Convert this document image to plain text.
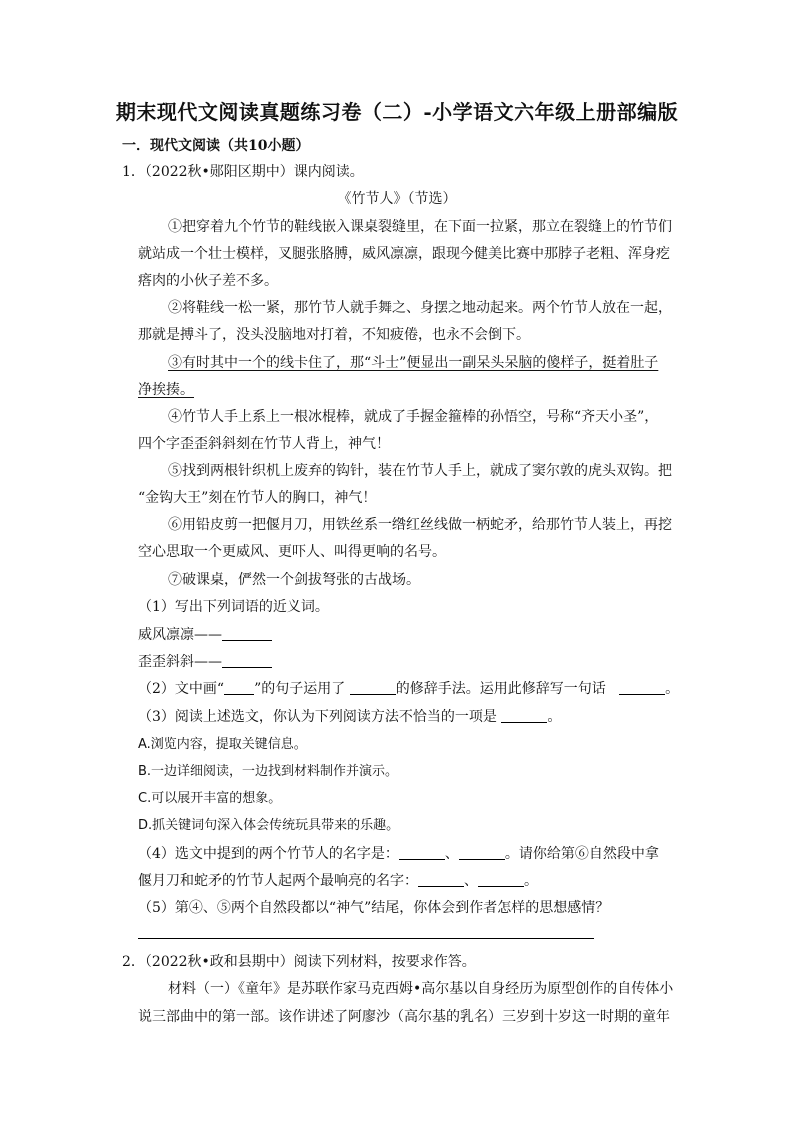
期末现代文阅读真题练习卷（二）-小学语文六年级上册部编版
一．现代文阅读（共10小题）
1．（2022秋•郧阳区期中）课内阅读。
《竹节人》（节选）
①把穿着九个竹节的鞋线嵌入课桌裂缝里，在下面一拉紧，那立在裂缝上的竹节们
就站成一个壮士模样，叉腿张胳膊，威风凛凛，跟现今健美比赛中那脖子老粗、浑身疙
瘩肉的小伙子差不多。
②将鞋线一松一紧，那竹节人就手舞之、身摆之地动起来。两个竹节人放在一起，
那就是搏斗了，没头没脑地对打着，不知疲倦，也永不会倒下。
③有时其中一个的线卡住了，那“斗士”便显出一副呆头呆脑的傻样子，挺着肚子
净挨揍。
④竹节人手上系上一根冰棍棒，就成了手握金箍棒的孙悟空，号称“齐天小圣”，
四个字歪歪斜斜刻在竹节人背上，神气！
⑤找到两根针织机上废弃的钩针，装在竹节人手上，就成了窦尔敦的虎头双钩。把
“金钩大王”刻在竹节人的胸口，神气！
⑥用铅皮剪一把偃月刀，用铁丝系一绺红丝线做一柄蛇矛，给那竹节人装上，再挖
空心思取一个更威风、更吓人、叫得更响的名号。
⑦破课桌，俨然一个剑拔弩张的古战场。
（1）写出下列词语的近义词。
威风凛凛——
歪歪斜斜——
（2）文中画“ ”的句子运用了	的修辞手法。运用此修辞写一句话	。
（3）阅读上述选文，你认为下列阅读方法不恰当的一项是	。
A.浏览内容，提取关键信息。
B.一边详细阅读，一边找到材料制作并演示。
C.可以展开丰富的想象。
D.抓关键词句深入体会传统玩具带来的乐趣。
（4）选文中提到的两个竹节人的名字是：	、	。请你给第⑥自然段中拿
偃月刀和蛇矛的竹节人起两个最响亮的名字：	、	。
（5）第④、⑤两个自然段都以“神气”结尾，你体会到作者怎样的思想感情？
2．（2022秋•政和县期中）阅读下列材料，按要求作答。
材料（一）《童年》是苏联作家马克西姆•高尔基以自身经历为原型创作的自传体小
说三部曲中的第一部。该作讲述了阿廖沙（高尔基的乳名）三岁到十岁这一时期的童年
